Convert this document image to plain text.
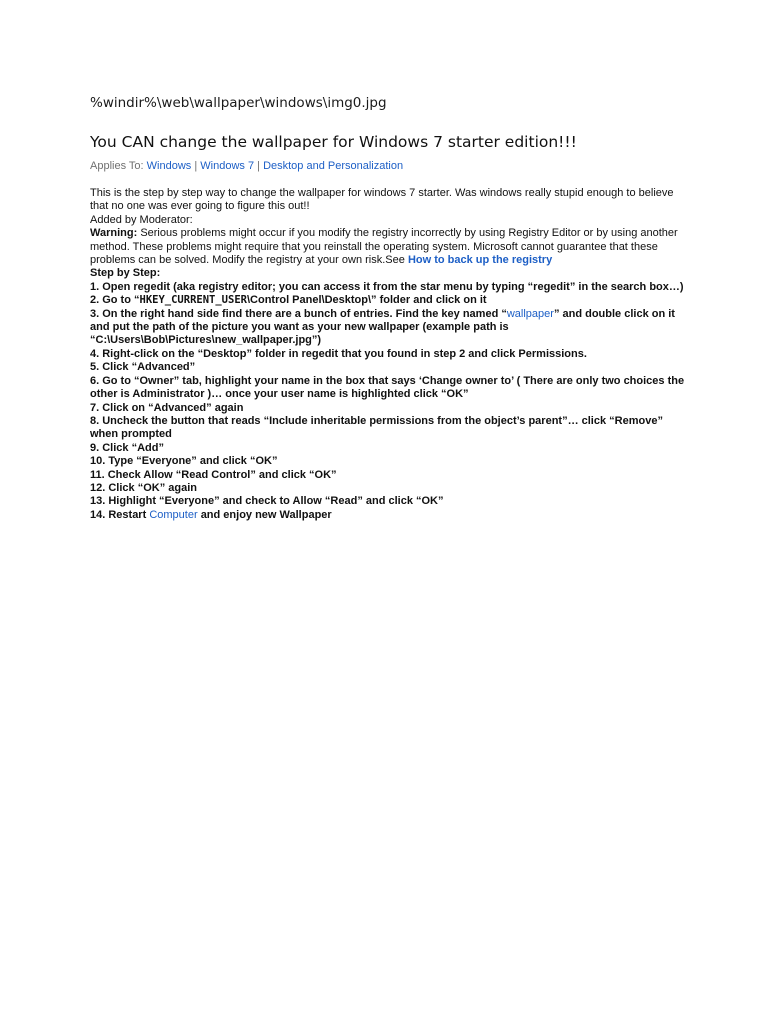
%windir%\web\wallpaper\windows\img0.jpg

You CAN change the wallpaper for Windows 7 starter edition!!!

Applies To: Windows | Windows 7 | Desktop and Personalization

This is the step by step way to change the wallpaper for windows 7 starter. Was windows really stupid enough to believe that no one was ever going to figure this out!!

Added by Moderator:

Warning: Serious problems might occur if you modify the registry incorrectly by using Registry Editor or by using another method. These problems might require that you reinstall the operating system. Microsoft cannot guarantee that these problems can be solved. Modify the registry at your own risk.See How to back up the registry

Step by Step:

1. Open regedit (aka registry editor; you can access it from the star menu by typing “regedit” in the search box…)
2. Go to “HKEY_CURRENT_USER\Control Panel\Desktop\” folder and click on it
3. On the right hand side find there are a bunch of entries. Find the key named “wallpaper” and double click on it and put the path of the picture you want as your new wallpaper (example path is “C:\Users\Bob\Pictures\new_wallpaper.jpg”)
4. Right-click on the “Desktop” folder in regedit that you found in step 2 and click Permissions.
5. Click “Advanced”
6. Go to “Owner” tab, highlight your name in the box that says ‘Change owner to’ ( There are only two choices the other is Administrator )… once your user name is highlighted click “OK”
7. Click on “Advanced” again
8. Uncheck the button that reads “Include inheritable permissions from the object’s parent”… click “Remove” when prompted
9. Click “Add”
10. Type “Everyone” and click “OK”
11. Check Allow “Read Control” and click “OK”
12. Click “OK” again
13. Highlight “Everyone” and check to Allow “Read” and click “OK”
14. Restart Computer and enjoy new Wallpaper
